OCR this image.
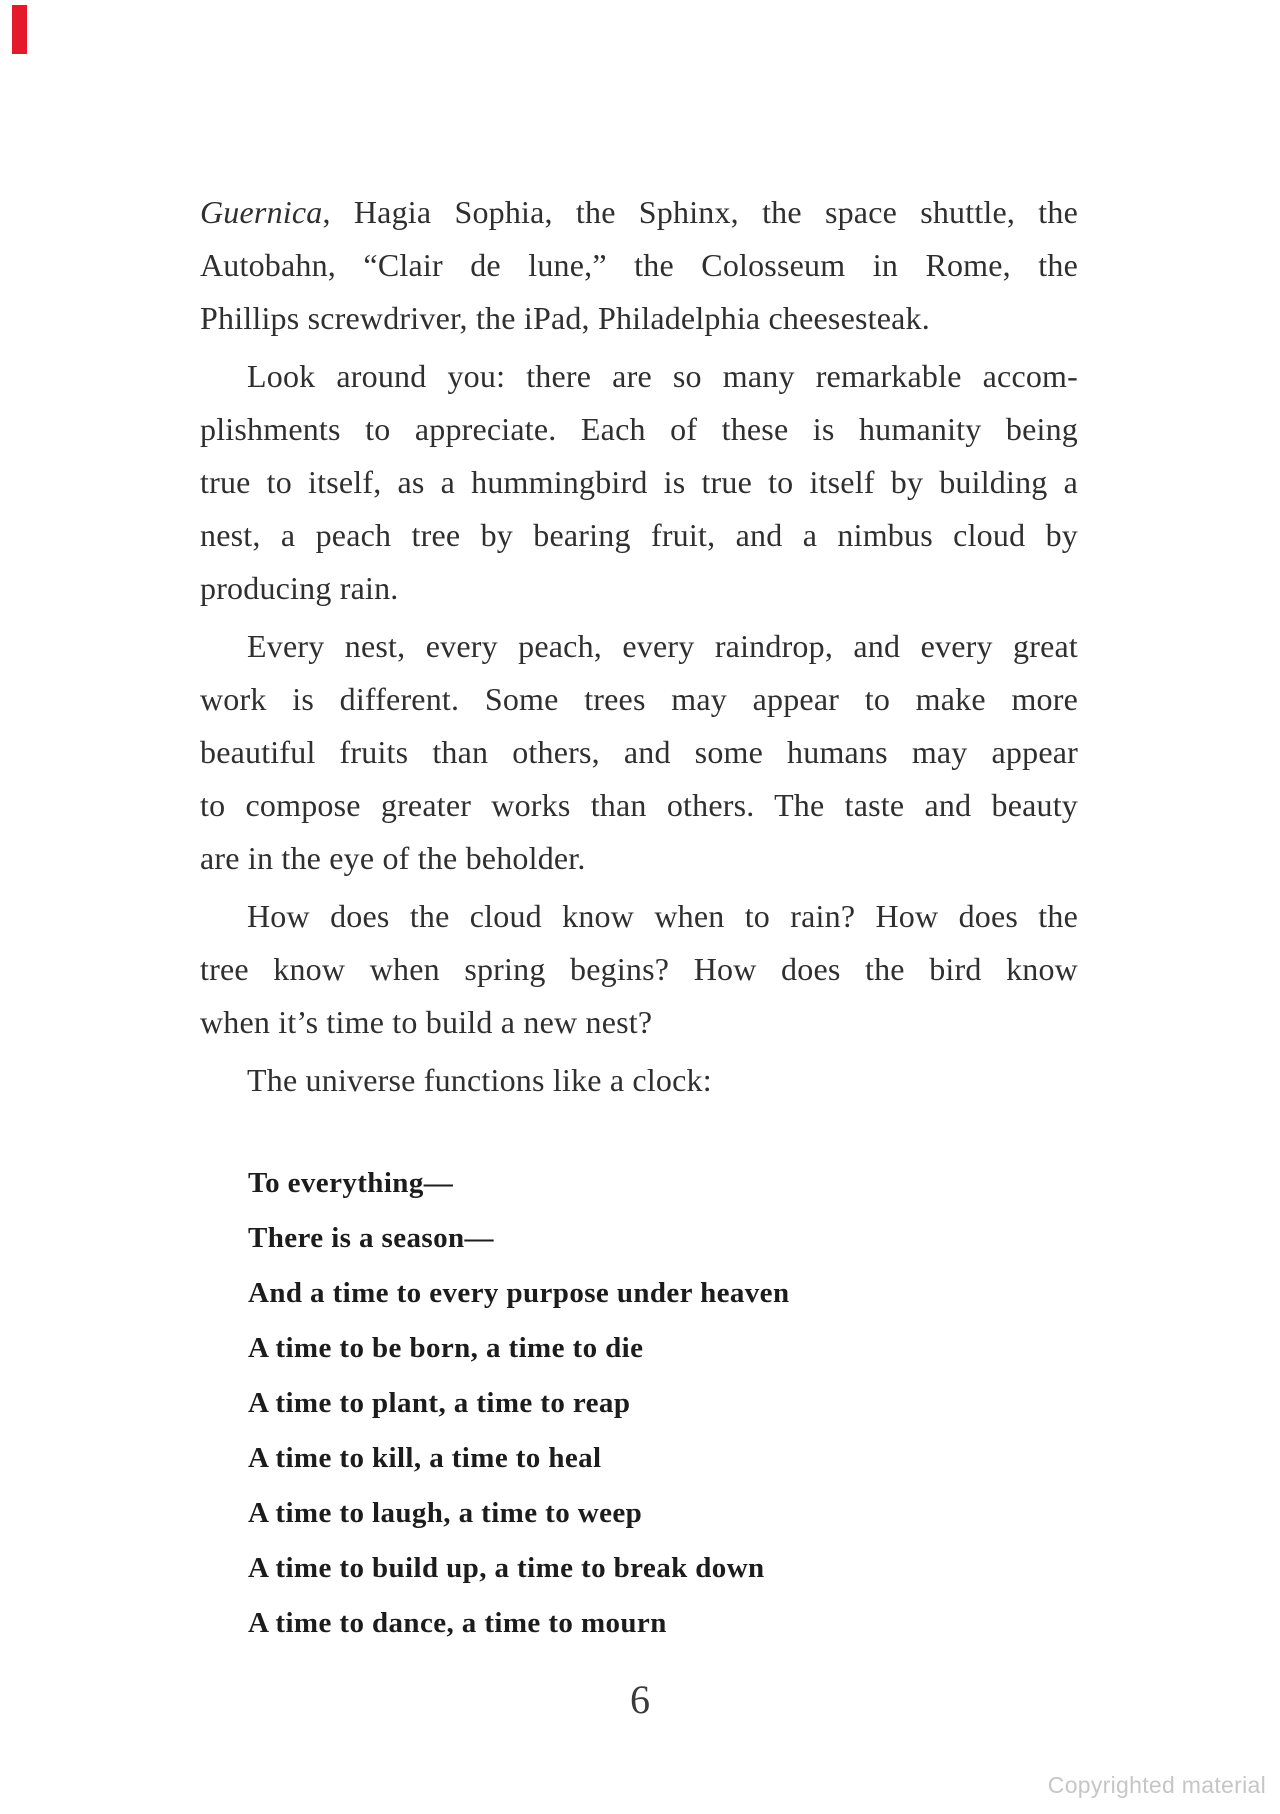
Guernica, Hagia Sophia, the Sphinx, the space shuttle, the
Autobahn, “Clair de lune,” the Colosseum in Rome, the
Phillips screwdriver, the iPad, Philadelphia cheesesteak.
Look around you: there are so many remarkable accom-
plishments to appreciate. Each of these is humanity being
true to itself, as a hummingbird is true to itself by building a
nest, a peach tree by bearing fruit, and a nimbus cloud by
producing rain.
Every nest, every peach, every raindrop, and every great
work is different. Some trees may appear to make more
beautiful fruits than others, and some humans may appear
to compose greater works than others. The taste and beauty
are in the eye of the beholder.
How does the cloud know when to rain? How does the
tree know when spring begins? How does the bird know
when it’s time to build a new nest?
The universe functions like a clock:
To everything—
There is a season—
And a time to every purpose under heaven
A time to be born, a time to die
A time to plant, a time to reap
A time to kill, a time to heal
A time to laugh, a time to weep
A time to build up, a time to break down
A time to dance, a time to mourn
6
Copyrighted material
